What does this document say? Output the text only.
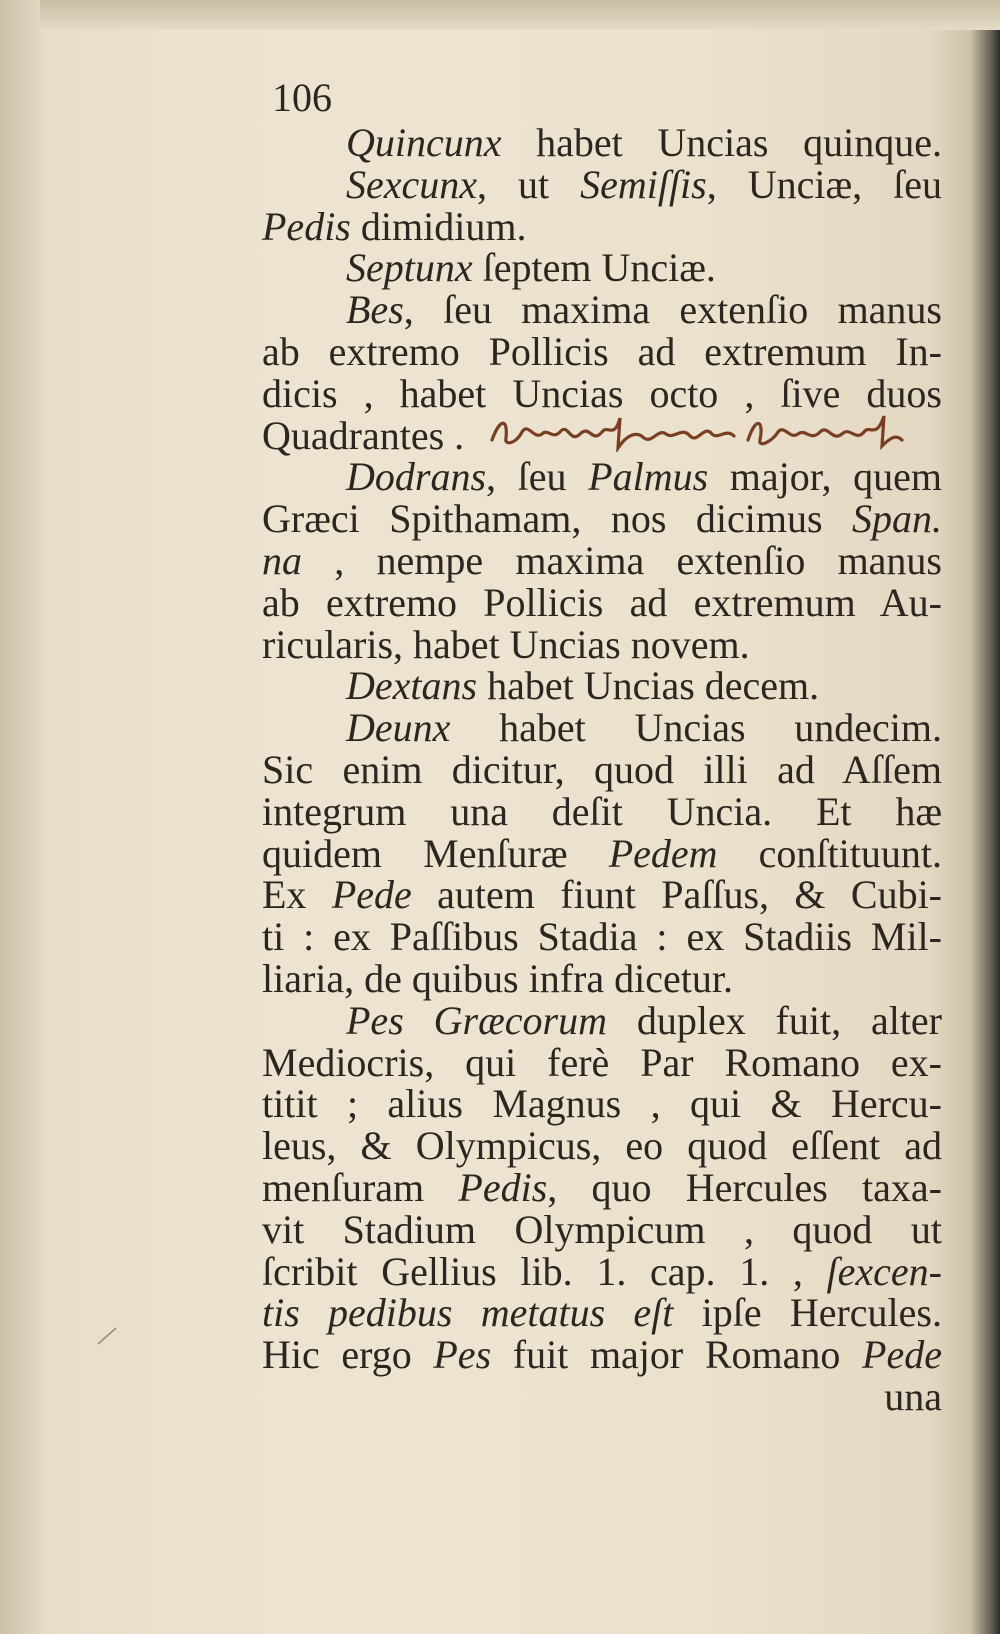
106
Quincunx habet Uncias quinque.
Sexcunx, ut Semiſſis, Unciæ, ſeu
Pedis dimidium.
Septunx ſeptem Unciæ.
Bes, ſeu maxima extenſio manus
ab extremo Pollicis ad extremum In-
dicis , habet Uncias octo , ſive duos
Quadrantes .
Dodrans, ſeu Palmus major, quem
Græci Spithamam, nos dicimus Span.
na , nempe maxima extenſio manus
ab extremo Pollicis ad extremum Au-
ricularis, habet Uncias novem.
Dextans habet Uncias decem.
Deunx habet Uncias undecim.
Sic enim dicitur, quod illi ad Aſſem
integrum una deſit Uncia. Et hæ
quidem Menſuræ Pedem conſtituunt.
Ex Pede autem fiunt Paſſus, & Cubi-
ti : ex Paſſibus Stadia : ex Stadiis Mil-
liaria, de quibus infra dicetur.
Pes Græcorum duplex fuit, alter
Mediocris, qui ferè Par Romano ex-
titit ; alius Magnus , qui & Hercu-
leus, & Olympicus, eo quod eſſent ad
menſuram Pedis, quo Hercules taxa-
vit Stadium Olympicum , quod ut
ſcribit Gellius lib. 1. cap. 1. , ſexcen-
tis pedibus metatus eſt ipſe Hercules.
Hic ergo Pes fuit major Romano Pede
una
